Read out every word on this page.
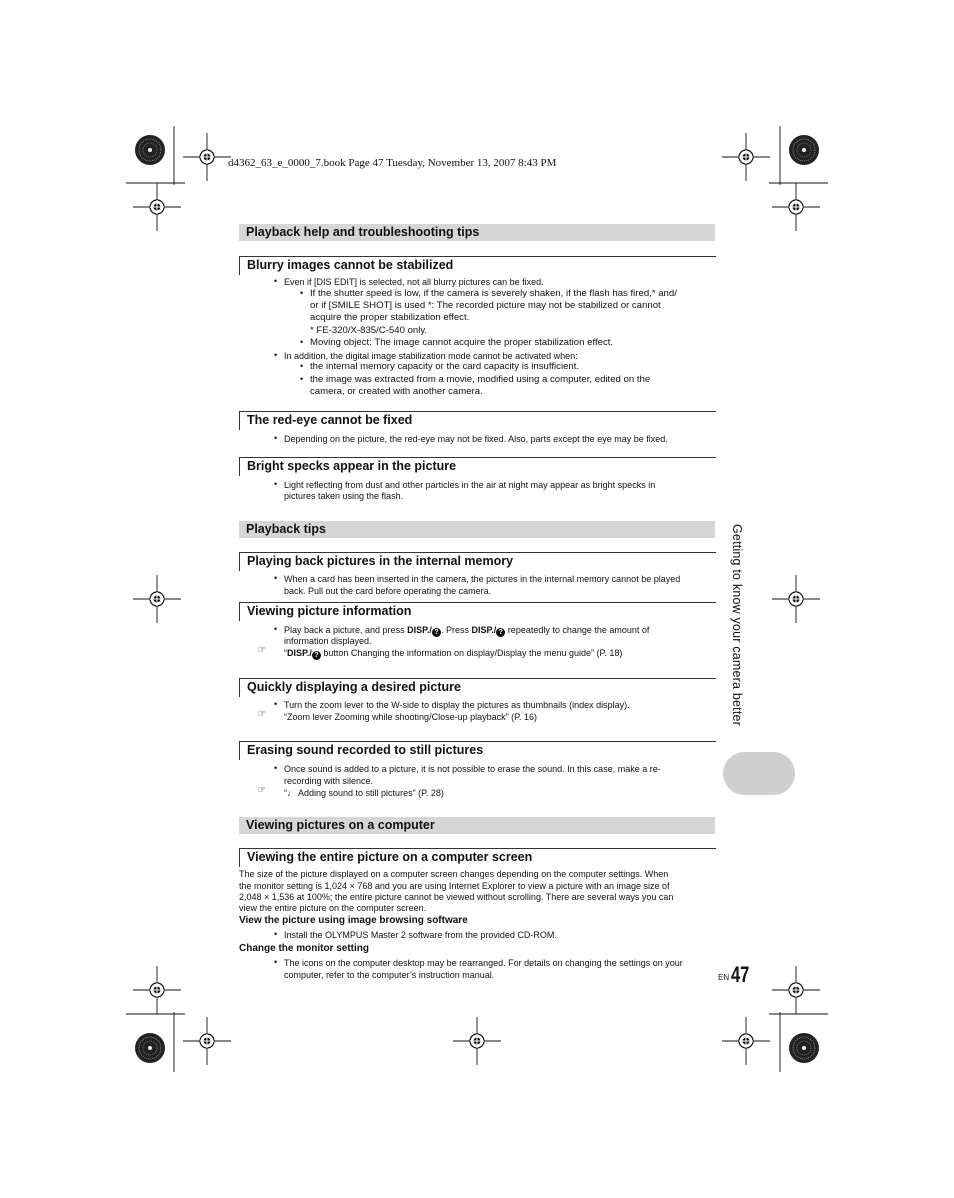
d4362_63_e_0000_7.book Page 47 Tuesday, November 13, 2007 8:43 PM
Getting to know your camera better
Playback help and troubleshooting tips
Blurry images cannot be stabilized
• Even if [DIS EDIT] is selected, not all blurry pictures can be fixed.
• If the shutter speed is low, if the camera is severely shaken, if the flash has fired,* and/
or if [SMILE SHOT] is used *: The recorded picture may not be stabilized or cannot
acquire the proper stabilization effect.
* FE-320/X-835/C-540 only.
• Moving object: The image cannot acquire the proper stabilization effect.
• In addition, the digital image stabilization mode cannot be activated when:
• the internal memory capacity or the card capacity is insufficient.
• the image was extracted from a movie, modified using a computer, edited on the
camera, or created with another camera.
The red-eye cannot be fixed
• Depending on the picture, the red-eye may not be fixed. Also, parts except the eye may be fixed.
Bright specks appear in the picture
• Light reflecting from dust and other particles in the air at night may appear as bright specks in
pictures taken using the flash.
Playback tips
Playing back pictures in the internal memory
• When a card has been inserted in the camera, the pictures in the internal memory cannot be played
back. Pull out the card before operating the camera.
Viewing picture information
• Play back a picture, and press DISP./ ? . Press DISP./ ? repeatedly to change the amount of
information displayed.
☞ “DISP./ ? button Changing the information on display/Display the menu guide” (P. 18)
Quickly displaying a desired picture
• Turn the zoom lever to the W-side to display the pictures as thumbnails (index display).
☞ “Zoom lever Zooming while shooting/Close-up playback” (P. 16)
Erasing sound recorded to still pictures
• Once sound is added to a picture, it is not possible to erase the sound. In this case, make a re-
recording with silence.
☞ “♩ Adding sound to still pictures” (P. 28)
Viewing pictures on a computer
Viewing the entire picture on a computer screen
The size of the picture displayed on a computer screen changes depending on the computer settings. When
the monitor setting is 1,024 × 768 and you are using Internet Explorer to view a picture with an image size of
2,048 × 1,536 at 100%; the entire picture cannot be viewed without scrolling. There are several ways you can
view the entire picture on the computer screen.
View the picture using image browsing software
• Install the OLYMPUS Master 2 software from the provided CD-ROM.
Change the monitor setting
• The icons on the computer desktop may be rearranged. For details on changing the settings on your
computer, refer to the computer’s instruction manual.	EN 47
